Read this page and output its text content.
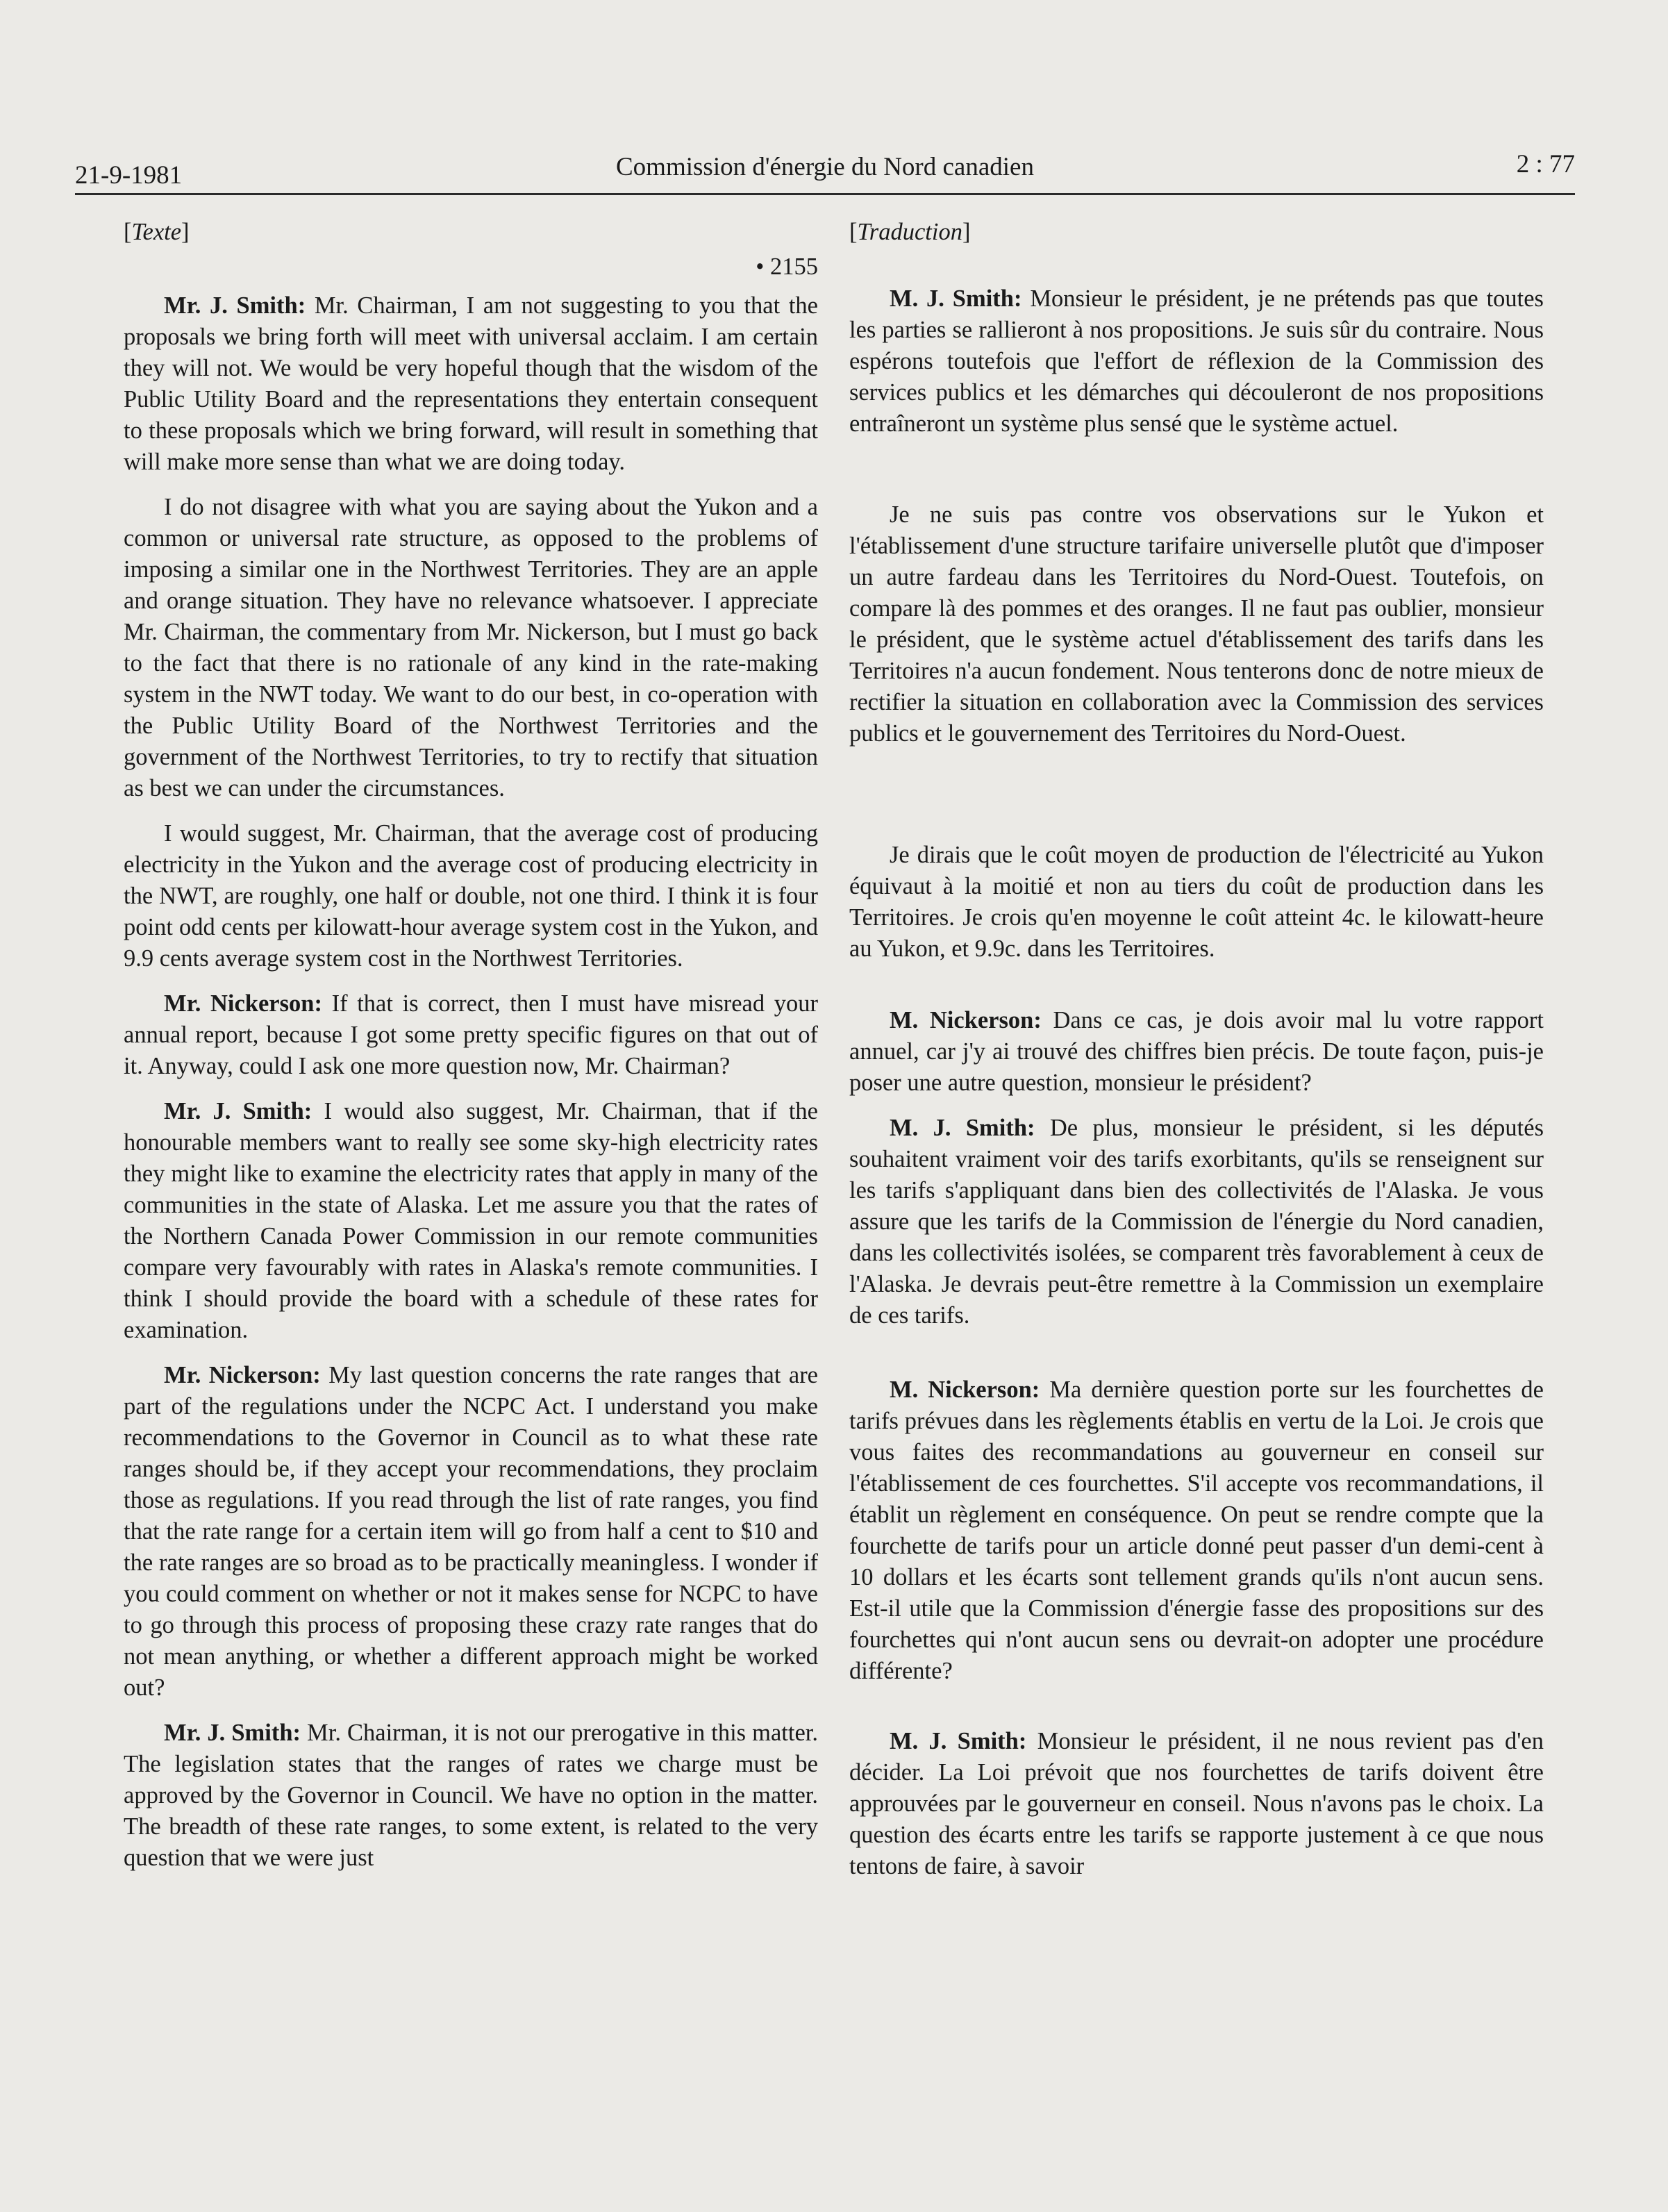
21-9-1981	Commission d'énergie du Nord canadien	2 : 77
[Texte]
• 2155

Mr. J. Smith: Mr. Chairman, I am not suggesting to you that the proposals we bring forth will meet with universal acclaim. I am certain they will not. We would be very hopeful though that the wisdom of the Public Utility Board and the representations they entertain consequent to these proposals which we bring forward, will result in something that will make more sense than what we are doing today.

I do not disagree with what you are saying about the Yukon and a common or universal rate structure, as opposed to the problems of imposing a similar one in the Northwest Territories. They are an apple and orange situation. They have no relevance whatsoever. I appreciate Mr. Chairman, the commentary from Mr. Nickerson, but I must go back to the fact that there is no rationale of any kind in the rate-making system in the NWT today. We want to do our best, in co-operation with the Public Utility Board of the Northwest Territories and the government of the Northwest Territories, to try to rectify that situation as best we can under the circumstances.

I would suggest, Mr. Chairman, that the average cost of producing electricity in the Yukon and the average cost of producing electricity in the NWT, are roughly, one half or double, not one third. I think it is four point odd cents per kilowatt-hour average system cost in the Yukon, and 9.9 cents average system cost in the Northwest Territories.

Mr. Nickerson: If that is correct, then I must have misread your annual report, because I got some pretty specific figures on that out of it. Anyway, could I ask one more question now, Mr. Chairman?

Mr. J. Smith: I would also suggest, Mr. Chairman, that if the honourable members want to really see some sky-high electricity rates they might like to examine the electricity rates that apply in many of the communities in the state of Alaska. Let me assure you that the rates of the Northern Canada Power Commission in our remote communities compare very favourably with rates in Alaska's remote communities. I think I should provide the board with a schedule of these rates for examination.

Mr. Nickerson: My last question concerns the rate ranges that are part of the regulations under the NCPC Act. I understand you make recommendations to the Governor in Council as to what these rate ranges should be, if they accept your recommendations, they proclaim those as regulations. If you read through the list of rate ranges, you find that the rate range for a certain item will go from half a cent to $10 and the rate ranges are so broad as to be practically meaningless. I wonder if you could comment on whether or not it makes sense for NCPC to have to go through this process of proposing these crazy rate ranges that do not mean anything, or whether a different approach might be worked out?

Mr. J. Smith: Mr. Chairman, it is not our prerogative in this matter. The legislation states that the ranges of rates we charge must be approved by the Governor in Council. We have no option in the matter. The breadth of these rate ranges, to some extent, is related to the very question that we were just

[Traduction]

M. J. Smith: Monsieur le président, je ne prétends pas que toutes les parties se rallieront à nos propositions. Je suis sûr du contraire. Nous espérons toutefois que l'effort de réflexion de la Commission des services publics et les démarches qui découleront de nos propositions entraîneront un système plus sensé que le système actuel.

Je ne suis pas contre vos observations sur le Yukon et l'établissement d'une structure tarifaire universelle plutôt que d'imposer un autre fardeau dans les Territoires du Nord-Ouest. Toutefois, on compare là des pommes et des oranges. Il ne faut pas oublier, monsieur le président, que le système actuel d'établissement des tarifs dans les Territoires n'a aucun fondement. Nous tenterons donc de notre mieux de rectifier la situation en collaboration avec la Commission des services publics et le gouvernement des Territoires du Nord-Ouest.

Je dirais que le coût moyen de production de l'électricité au Yukon équivaut à la moitié et non au tiers du coût de production dans les Territoires. Je crois qu'en moyenne le coût atteint 4c. le kilowatt-heure au Yukon, et 9.9c. dans les Territoires.

M. Nickerson: Dans ce cas, je dois avoir mal lu votre rapport annuel, car j'y ai trouvé des chiffres bien précis. De toute façon, puis-je poser une autre question, monsieur le président?

M. J. Smith: De plus, monsieur le président, si les députés souhaitent vraiment voir des tarifs exorbitants, qu'ils se renseignent sur les tarifs s'appliquant dans bien des collectivités de l'Alaska. Je vous assure que les tarifs de la Commission de l'énergie du Nord canadien, dans les collectivités isolées, se comparent très favorablement à ceux de l'Alaska. Je devrais peut-être remettre à la Commission un exemplaire de ces tarifs.

M. Nickerson: Ma dernière question porte sur les fourchettes de tarifs prévues dans les règlements établis en vertu de la Loi. Je crois que vous faites des recommandations au gouverneur en conseil sur l'établissement de ces fourchettes. S'il accepte vos recommandations, il établit un règlement en conséquence. On peut se rendre compte que la fourchette de tarifs pour un article donné peut passer d'un demi-cent à 10 dollars et les écarts sont tellement grands qu'ils n'ont aucun sens. Est-il utile que la Commission d'énergie fasse des propositions sur des fourchettes qui n'ont aucun sens ou devrait-on adopter une procédure différente?

M. J. Smith: Monsieur le président, il ne nous revient pas d'en décider. La Loi prévoit que nos fourchettes de tarifs doivent être approuvées par le gouverneur en conseil. Nous n'avons pas le choix. La question des écarts entre les tarifs se rapporte justement à ce que nous tentons de faire, à savoir
